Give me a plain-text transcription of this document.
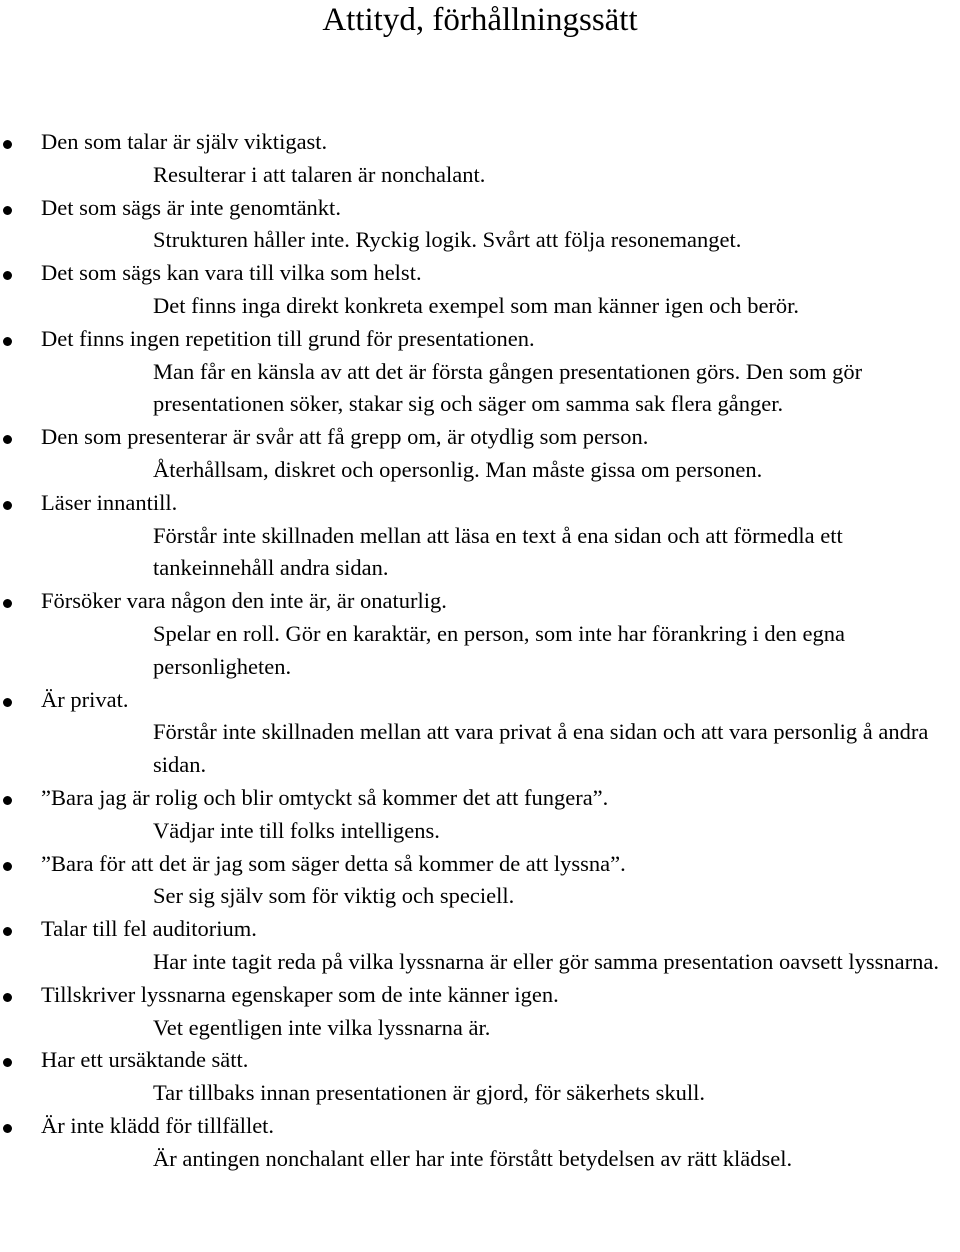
Attityd, förhållningssätt
Den som talar är själv viktigast.
Resulterar i att talaren är nonchalant.
Det som sägs är inte genomtänkt.
Strukturen håller inte. Ryckig logik. Svårt att följa resonemanget.
Det som sägs kan vara till vilka som helst.
Det finns inga direkt konkreta exempel som man känner igen och berör.
Det finns ingen repetition till grund för presentationen.
Man får en känsla av att det är första gången presentationen görs. Den som gör presentationen söker, stakar sig och säger om samma sak flera gånger.
Den som presenterar är svår att få grepp om, är otydlig som person.
Återhållsam, diskret och opersonlig. Man måste gissa om personen.
Läser innantill.
Förstår inte skillnaden mellan att läsa en text å ena sidan och att förmedla ett tankeinnehåll andra sidan.
Försöker vara någon den inte är, är onaturlig.
Spelar en roll. Gör en karaktär, en person, som inte har förankring i den egna personligheten.
Är privat.
Förstår inte skillnaden mellan att vara privat å ena sidan och att vara personlig å andra sidan.
”Bara jag är rolig och blir omtyckt så kommer det att fungera”.
Vädjar inte till folks intelligens.
”Bara för att det är jag som säger detta så kommer de att lyssna”.
Ser sig själv som för viktig och speciell.
Talar till fel auditorium.
Har inte tagit reda på vilka lyssnarna är eller gör samma presentation oavsett lyssnarna.
Tillskriver lyssnarna egenskaper som de inte känner igen.
Vet egentligen inte vilka lyssnarna är.
Har ett ursäktande sätt.
Tar tillbaks innan presentationen är gjord, för säkerhets skull.
Är inte klädd för tillfället.
Är antingen nonchalant eller har inte förstått betydelsen av rätt klädsel.
